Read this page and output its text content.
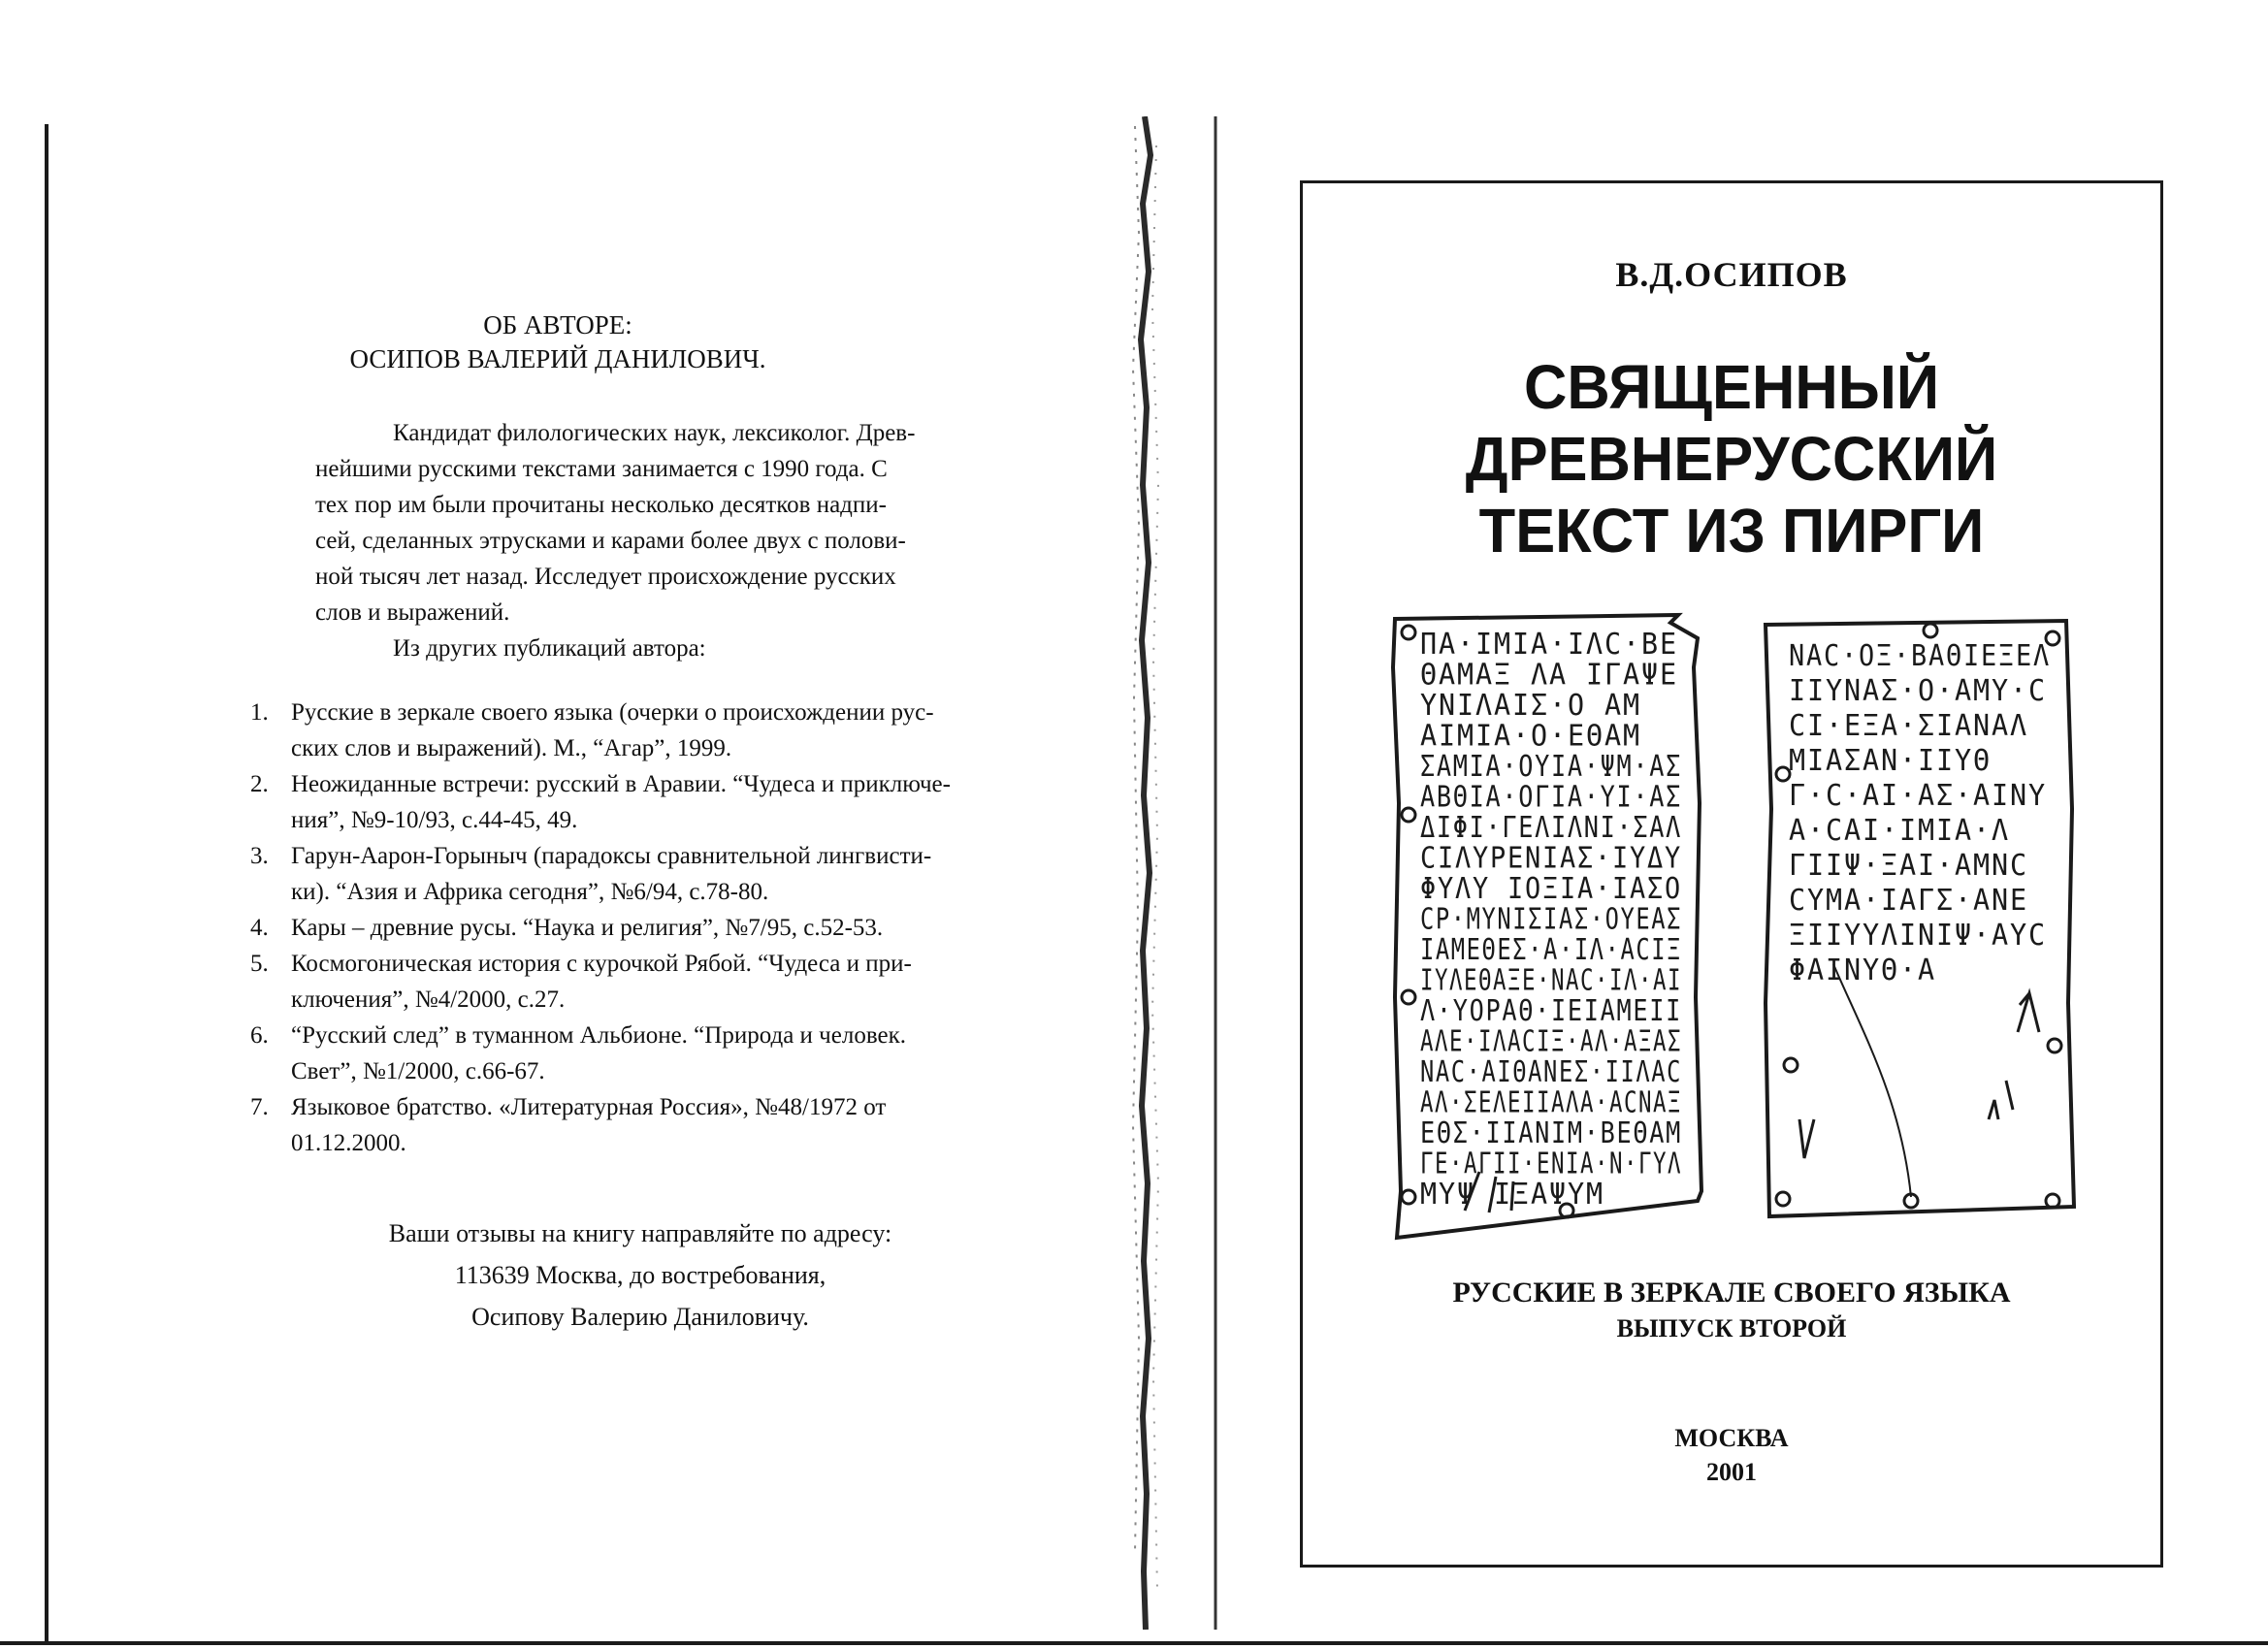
ОБ АВТОРЕ:
ОСИПОВ ВАЛЕРИЙ ДАНИЛОВИЧ.
Кандидат филологических наук, лексиколог. Древ-
нейшими русскими текстами занимается с 1990 года. С
тех пор им были прочитаны несколько десятков надпи-
сей, сделанных этрусками и карами более двух с полови-
ной тысяч лет назад. Исследует происхождение русских
слов и выражений.
Из других публикаций автора:
1. Русские в зеркале своего языка (очерки о происхождении рус-
ских слов и выражений). М., “Агар”, 1999.
2. Неожиданные встречи: русский в Аравии. “Чудеса и приключе-
ния”, №9-10/93, с.44-45, 49.
3. Гарун-Аарон-Горыныч (парадоксы сравнительной лингвисти-
ки). “Азия и Африка сегодня”, №6/94, с.78-80.
4. Кары – древние русы. “Наука и религия”, №7/95, с.52-53.
5. Космогоническая история с курочкой Рябой. “Чудеса и при-
ключения”, №4/2000, с.27.
6. “Русский след” в туманном Альбионе. “Природа и человек.
Свет”, №1/2000, с.66-67.
7. Языковое братство. «Литературная Россия», №48/1972 от
01.12.2000.
Ваши отзывы на книгу направляйте по адресу:
113639 Москва, до востребования,
Осипову Валерию Даниловичу.
В.Д.ОСИПОВ
СВЯЩЕННЫЙ
ДРЕВНЕРУССКИЙ
ТЕКСТ ИЗ ПИРГИ
ΠΑ·ΙΜΙΑ·ΙΛϹ·ΒΕ
ΘΑΜΑΞ ΛΑ ΙΓΑΨΕ
ΥΝΙΛΑΙΣ·Ο ΑΜ
ΑΙΜΙΑ·Ο·ΕΘΑΜ
ΣΑΜΙΑ·ΟΥΙΑ·ΨΜ·ΑΣ
ΑΒΘΙΑ·ΟΓΙΑ·ΥΙ·ΑΣ
ΔΙΦΙ·ΓΕΛΙΛΝΙ·ΣΑΛ
ϹΙΛΥΡΕΝΙΑΣ·ΙΥΔΥ
ΦΥΛΥ ΙΟΞΙΑ·ΙΑΣΟ
ϹΡ·ΜΥΝΙΣΙΑΣ·ΟΥΕΑΣ
ΙΑΜΕΘΕΣ·Α·ΙΛ·ΑϹΙΞ
ΙΥΛΕΘΑΞΕ·ΝΑϹ·ΙΛ·ΑΙ
Λ·ΥΟΡΑΘ·ΙΕΙΑΜΕΙΙ
ΑΛΕ·ΙΛΑϹΙΞ·ΑΛ·ΑΞΑΣ
ΝΑϹ·ΑΙΘΑΝΕΣ·ΙΙΛΑϹ
ΑΛ·ΣΕΛΕΙΙΑΛΑ·ΑϹΝΑΞ
ΕΘΣ·ΙΙΑΝΙΜ·ΒΕΘΑΜ
ΓΕ·ΑΓΙΙ·ΕΝΙΑ·Ν·ΓΥΛ
ΜΥΨ ΙΞΑΨΥΜ
ΝΑϹ·ΟΞ·ΒΑΘΙΕΞΕΛ
ΙΙΥΝΑΣ·Ο·ΑΜΥ·Ϲ
ϹΙ·ΕΞΑ·ΣΙΑΝΑΛ
ΜΙΑΣΑΝ·ΙΙΥΘ
Γ·Ϲ·ΑΙ·ΑΣ·ΑΙΝΥ
Α·ϹΑΙ·ΙΜΙΑ·Λ
ΓΙΙΨ·ΞΑΙ·ΑΜΝϹ
ϹΥΜΑ·ΙΑΓΣ·ΑΝΕ
ΞΙΙΥΥΛΙΝΙΨ·ΑΥϹ
ΦΑΙΝΥΘ·Α
РУССКИЕ В ЗЕРКАЛЕ СВОЕГО ЯЗЫКА
ВЫПУСК ВТОРОЙ
МОСКВА
2001
